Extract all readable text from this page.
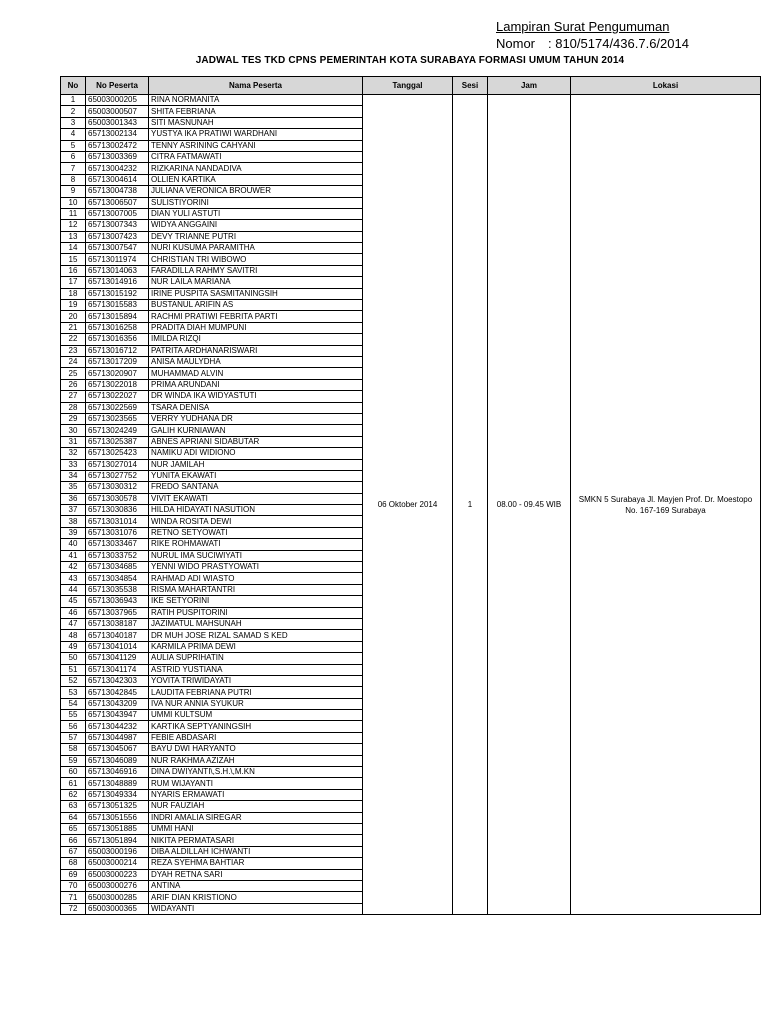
Lampiran Surat Pengumuman
Nomor : 810/5174/436.7.6/2014
JADWAL TES TKD CPNS PEMERINTAH KOTA SURABAYA FORMASI UMUM TAHUN 2014
No	No Peserta	Nama Peserta	Tanggal	Sesi	Jam	Lokasi
1	65003000205	RINA NORMANITA	06 Oktober 2014	1	08.00 - 09.45 WIB	SMKN 5 Surabaya Jl. Mayjen Prof. Dr. Moestopo No. 167-169 Surabaya
2	65003000507	SHITA FEBRIANA				
3	65003001343	SITI MASNUNAH				
4	65713002134	YUSTYA IKA PRATIWI WARDHANI				
5	65713002472	TENNY ASRINING CAHYANI				
6	65713003369	CITRA FATMAWATI				
7	65713004232	RIZKARINA NANDADIVA				
8	65713004614	OLLIEN KARTIKA				
9	65713004738	JULIANA VERONICA BROUWER				
10	65713006507	SULISTIYORINI				
11	65713007005	DIAN YULI ASTUTI				
12	65713007343	WIDYA ANGGAINI				
13	65713007423	DEVY TRIANNE PUTRI				
14	65713007547	NURI KUSUMA PARAMITHA				
15	65713011974	CHRISTIAN TRI WIBOWO				
16	65713014063	FARADILLA RAHMY SAVITRI				
17	65713014916	NUR LAILA MARIANA				
18	65713015192	IRINE PUSPITA SASMITANINGSIH				
19	65713015583	BUSTANUL ARIFIN AS				
20	65713015894	RACHMI PRATIWI FEBRITA PARTI				
21	65713016258	PRADITA DIAH MUMPUNI				
22	65713016356	IMILDA RIZQI				
23	65713016712	PATRITA ARDHANARISWARI				
24	65713017209	ANISA MAULYDHA				
25	65713020907	MUHAMMAD ALVIN				
26	65713022018	PRIMA ARUNDANI				
27	65713022027	DR WINDA IKA WIDYASTUTI				
28	65713022569	TSARA DENISA				
29	65713023565	VERRY YUDHANA DR				
30	65713024249	GALIH KURNIAWAN				
31	65713025387	ABNES APRIANI SIDABUTAR				
32	65713025423	NAMIKU ADI WIDIONO				
33	65713027014	NUR JAMILAH				
34	65713027752	YUNITA EKAWATI				
35	65713030312	FREDO SANTANA				
36	65713030578	VIVIT EKAWATI				
37	65713030836	HILDA HIDAYATI NASUTION				
38	65713031014	WINDA ROSITA DEWI				
39	65713031076	RETNO SETYOWATI				
40	65713033467	RIKE ROHMAWATI				
41	65713033752	NURUL IMA SUCIWIYATI				
42	65713034685	YENNI WIDO PRASTYOWATI				
43	65713034854	RAHMAD ADI WIASTO				
44	65713035538	RISMA MAHARTANTRI				
45	65713036943	IKE SETYORINI				
46	65713037965	RATIH PUSPITORINI				
47	65713038187	JAZIMATUL MAHSUNAH				
48	65713040187	DR MUH JOSE RIZAL SAMAD S KED				
49	65713041014	KARMILA PRIMA DEWI				
50	65713041129	AULIA SUPRIHATIN				
51	65713041174	ASTRID YUSTIANA				
52	65713042303	YOVITA TRIWIDAYATI				
53	65713042845	LAUDITA FEBRIANA PUTRI				
54	65713043209	IVA NUR ANNIA SYUKUR				
55	65713043947	UMMI KULTSUM				
56	65713044232	KARTIKA SEPTYANINGSIH				
57	65713044987	FEBIE ABDASARI				
58	65713045067	BAYU DWI HARYANTO				
59	65713046089	NUR RAKHMA AZIZAH				
60	65713046916	DINA DWIYANTI\,S.H.\,M.KN				
61	65713048889	RUM WIJAYANTI				
62	65713049334	NYARIS ERMAWATI				
63	65713051325	NUR FAUZIAH				
64	65713051556	INDRI AMALIA SIREGAR				
65	65713051885	UMMI HANI				
66	65713051894	NIKITA PERMATASARI				
67	65003000196	DIBA ALDILLAH ICHWANTI				
68	65003000214	REZA SYEHMA BAHTIAR				
69	65003000223	DYAH RETNA SARI				
70	65003000276	ANTINA				
71	65003000285	ARIF DIAN KRISTIONO				
72	65003000365	WIDAYANTI				
